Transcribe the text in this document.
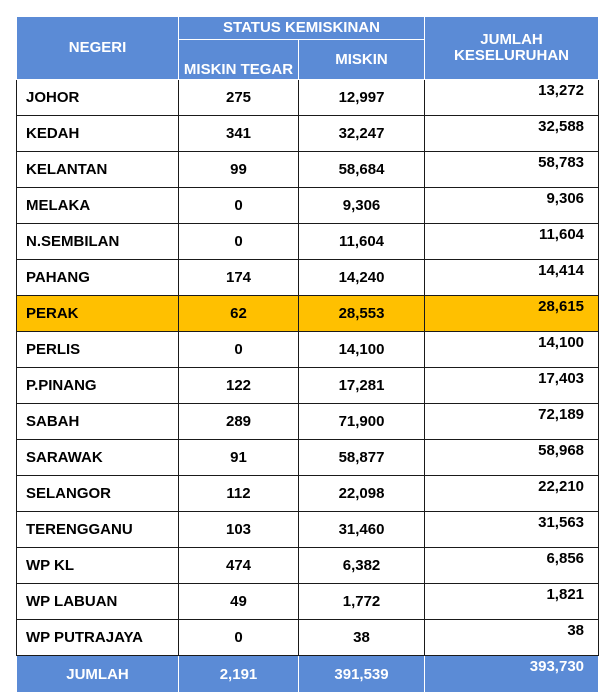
NEGERI	STATUS KEMISKINAN		JUMLAH KESELURUHAN
	MISKIN TEGAR	MISKIN	
JOHOR	275	12,997	13,272
KEDAH	341	32,247	32,588
KELANTAN	99	58,684	58,783
MELAKA	0	9,306	9,306
N.SEMBILAN	0	11,604	11,604
PAHANG	174	14,240	14,414
PERAK	62	28,553	28,615
PERLIS	0	14,100	14,100
P.PINANG	122	17,281	17,403
SABAH	289	71,900	72,189
SARAWAK	91	58,877	58,968
SELANGOR	112	22,098	22,210
TERENGGANU	103	31,460	31,563
WP KL	474	6,382	6,856
WP LABUAN	49	1,772	1,821
WP PUTRAJAYA	0	38	38
JUMLAH	2,191	391,539	393,730
